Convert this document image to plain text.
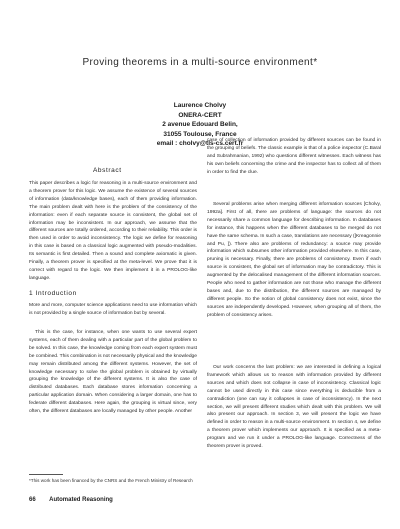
Proving theorems in a multi-source environment*
Laurence Cholvy
ONERA-CERT
2 avenue Edouard Belin,
31055 Toulouse, France
email : cholvy@tls-cs.cert.fr
Abstract
This paper describes a logic for reasoning in a multi-source environment and a theorem prover for this logic. We assume the existence of several sources of information (data/knowledge bases), each of them providing information. The main problem dealt with here is the problem of the consistency of the information: even if each separate source is consistent, the global set of information may be inconsistent. In our approach, we assume that the different sources are totally ordered, according to their reliability. This order is then used in order to avoid inconsistency. The logic we define for reasoning in this case is based on a classical logic augmented with pseudo-modalities. Its semantic is first detailed. Then a sound and complete axiomatic is given. Finally, a theorem prover is specified at the meta-level. We prove that it is correct with regard to the logic. We then implement it in a PROLOG-like language.
1 Introduction
More and more, computer science applications need to use information which is not provided by a single source of information but by several.
This is the case, for instance, when one wants to use several expert systems, each of them dealing with a particular part of the global problem to be solved. In this case, the knowledge coming from each expert system must be combined. This combination is not necessarily physical and the knowledge may remain distributed among the different systems. However, the set of knowledge necessary to solve the global problem is obtained by virtually grouping the knowledge of the different systems. It is also the case of distributed databases. Each database stores information concerning a particular application domain. When considering a larger domain, one has to federate different databases. Here again, the grouping is virtual since, very often, the different databases are locally managed by other people. Another
*This work has been financed by the CNRS and the French Ministry of Research
case of collection of information provided by different sources can be found in the grouping of beliefs. The classic example is that of a police inspector (C.Baral and Subrahmanian, 1992) who questions different witnesses. Each witness has his own beliefs concerning the crime and the inspector has to collect all of them in order to find the clue.
Several problems arise when merging different information sources [Cholvy, 1992a]. First of all, there are problems of language: the sources do not necessarily share a common language for describing information. In databases for instance, this happens when the different databases to be merged do not have the same schema. In such a case, translations are necessary ([Kreagonnie and Pu, ]). There also are problems of redundancy: a source may provide information which subsumes other information provided elsewhere. In this case, pruning is necessary. Finally, there are problems of consistency. Even if each source is consistent, the global set of information may be contradictory. This is augmented by the delocalised management of the different information sources. People who need to gather information are not those who manage the different bases and, due to the distribution, the different sources are managed by different people. So the notion of global consistency does not exist, since the sources are independently developed. However, when grouping all of them, the problem of consistency arises.
Our work concerns the last problem: we are interested in defining a logical framework which allows us to reason with information provided by different sources and which does not collapse in case of inconsistency. Classical logic cannot be used directly in this case since everything is deducible from a contradiction (one can say it collapses in case of inconsistency). In the next section, we will present different studies which dealt with this problem. We will also present our approach. In section 3, we will present the logic we have defined in order to reason in a multi-source environment. In section 4, we define a theorem prover which implements our approach. It is specified as a meta-program and we run it under a PROLOG-like language. Correctness of the theorem prover is proved.
66 Automated Reasoning
